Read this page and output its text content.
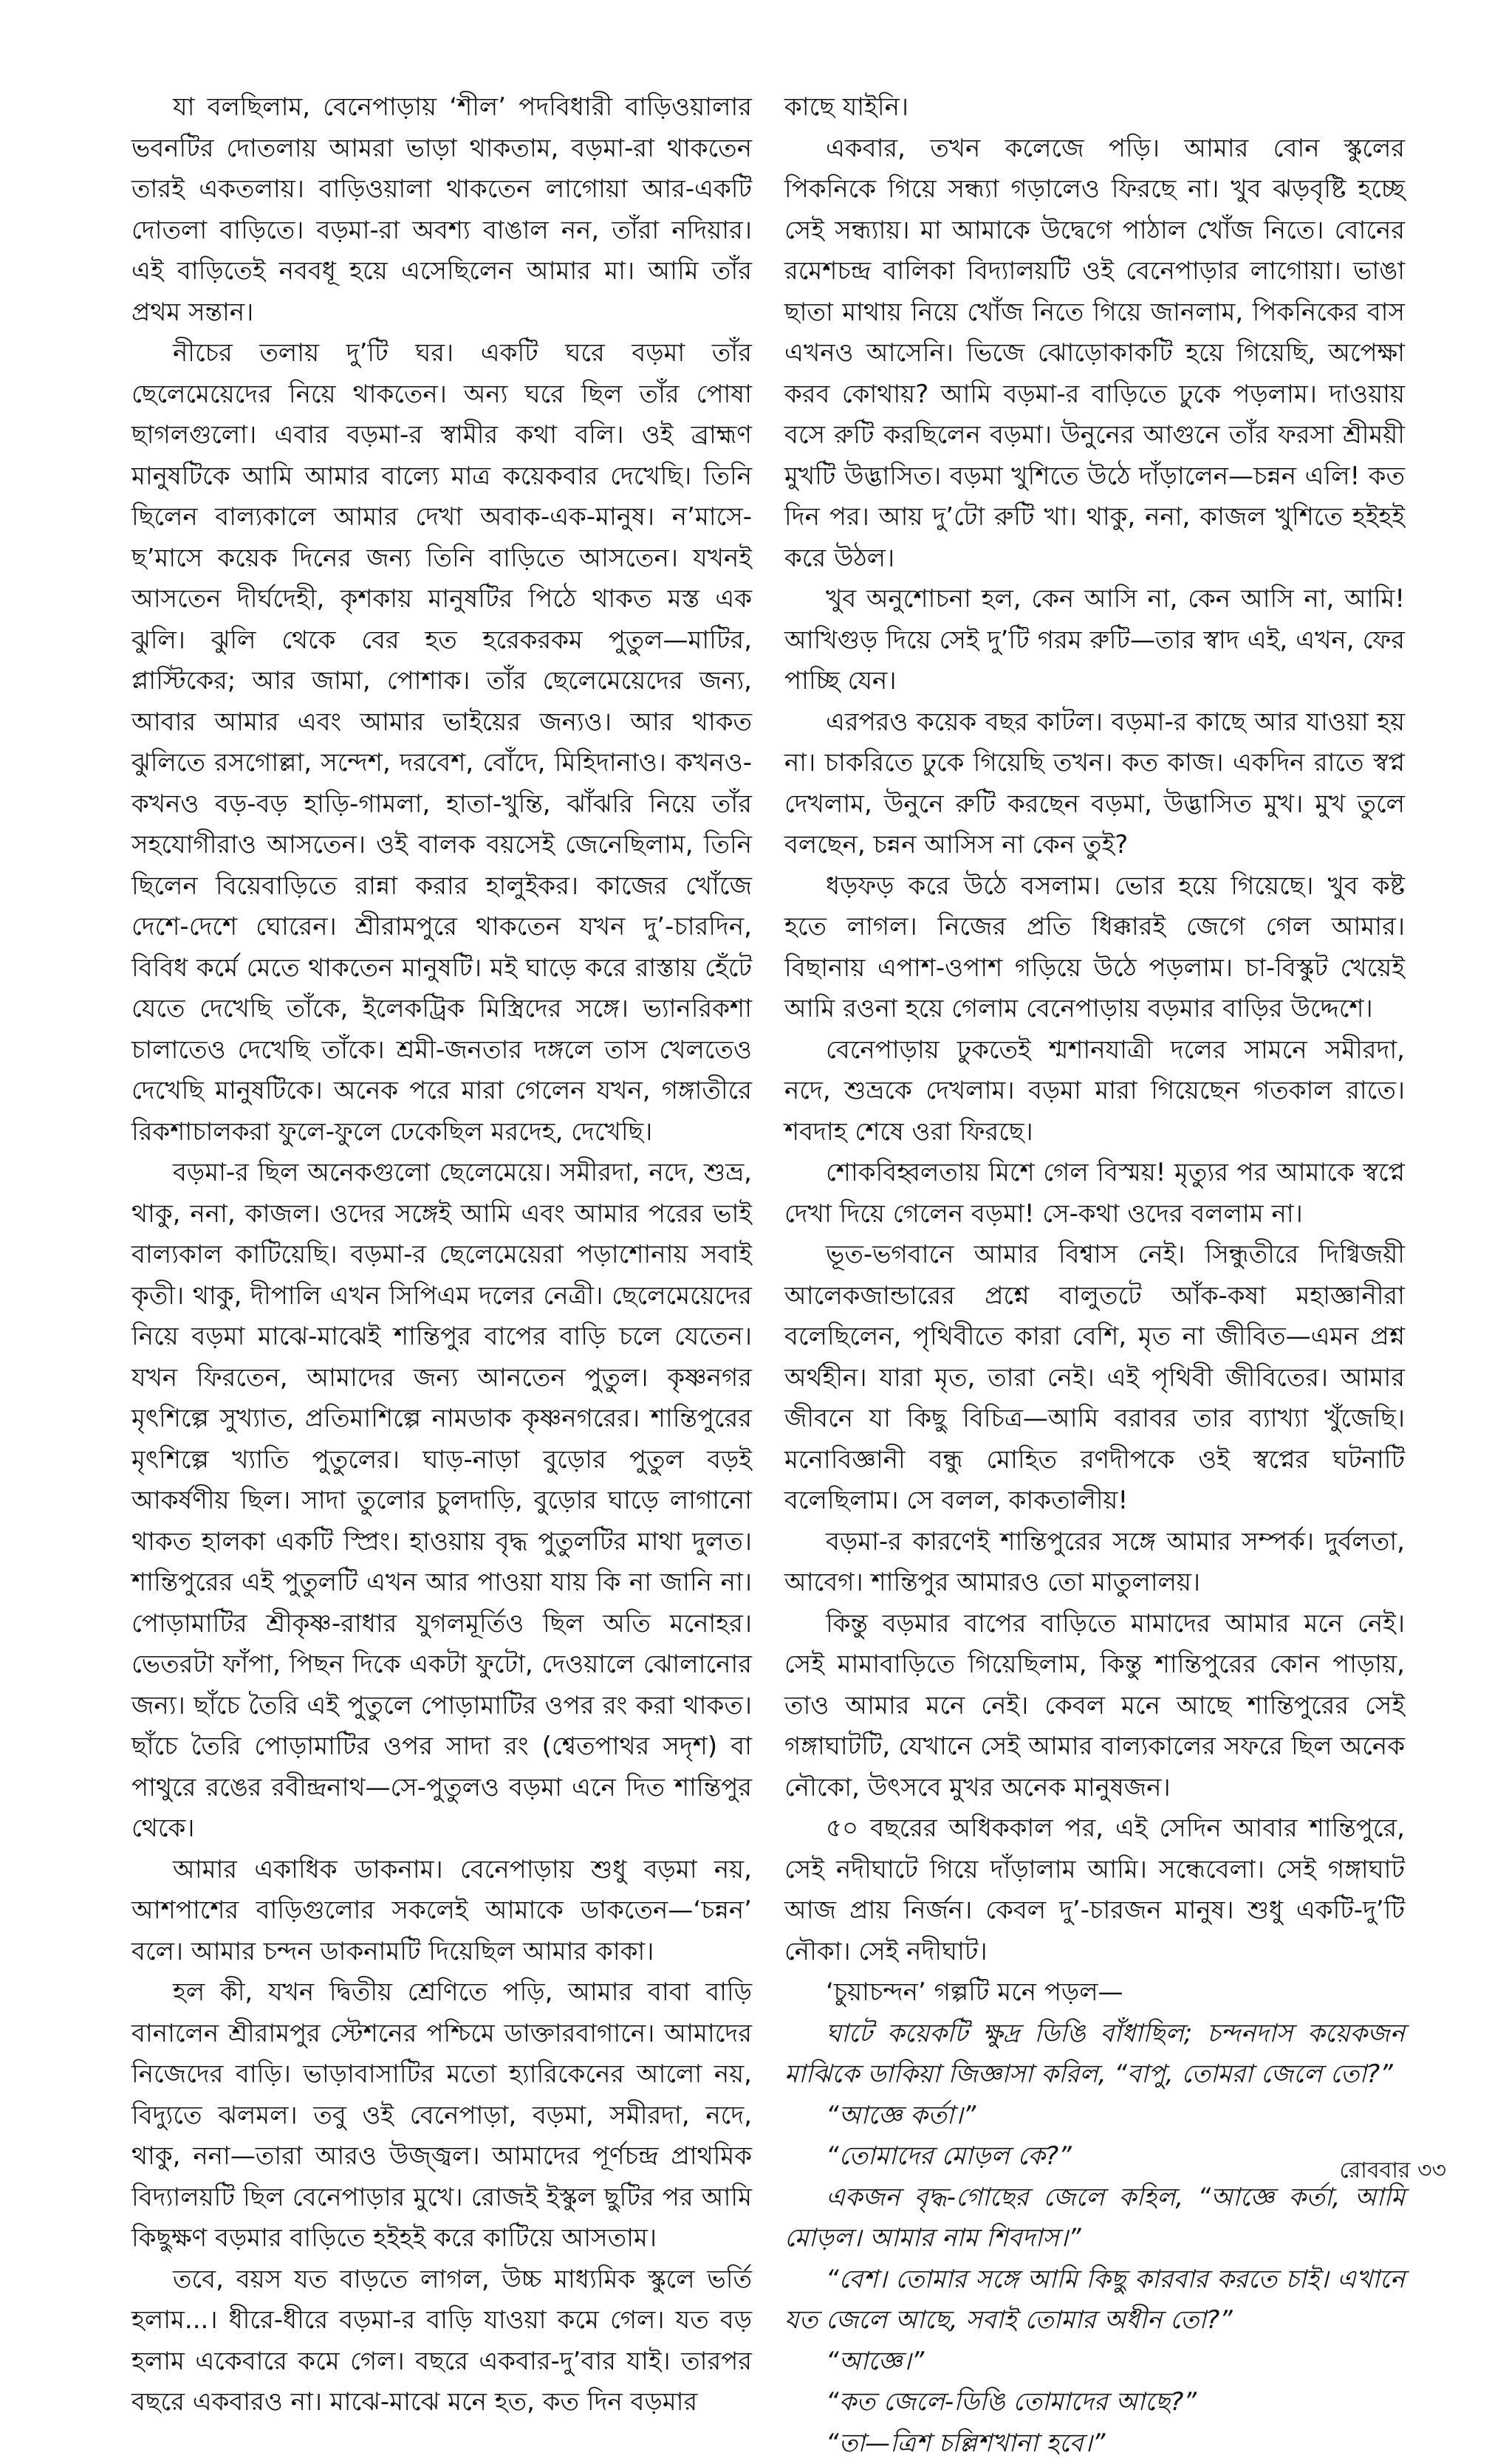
যা বলছিলাম, বেনেপাড়ায় ‘শীল’ পদবিধারী বাড়িওয়ালার ভবনটির দোতলায় আমরা ভাড়া থাকতাম, বড়মা-রা থাকতেন তারই একতলায়। বাড়িওয়ালা থাকতেন লাগোয়া আর-একটি দোতলা বাড়িতে। বড়মা-রা অবশ্য বাঙাল নন, তাঁরা নদিয়ার। এই বাড়িতেই নববধূ হয়ে এসেছিলেন আমার মা। আমি তাঁর প্রথম সন্তান।

নীচের তলায় দু’টি ঘর। একটি ঘরে বড়মা তাঁর ছেলেমেয়েদের নিয়ে থাকতেন। অন্য ঘরে ছিল তাঁর পোষা ছাগলগুলো। এবার বড়মা-র স্বামীর কথা বলি। ওই ব্রাহ্মণ মানুষটিকে আমি আমার বাল্যে মাত্র কয়েকবার দেখেছি। তিনি ছিলেন বাল্যকালে আমার দেখা অবাক-এক-মানুষ। ন’মাসে-ছ’মাসে কয়েক দিনের জন্য তিনি বাড়িতে আসতেন। যখনই আসতেন দীর্ঘদেহী, কৃশকায় মানুষটির পিঠে থাকত মস্ত এক ঝুলি। ঝুলি থেকে বের হত হরেকরকম পুতুল—মাটির, প্লাস্টিকের; আর জামা, পোশাক। তাঁর ছেলেমেয়েদের জন্য, আবার আমার এবং আমার ভাইয়ের জন্যও। আর থাকত ঝুলিতে রসগোল্লা, সন্দেশ, দরবেশ, বোঁদে, মিহিদানাও। কখনও-কখনও বড়-বড় হাড়ি-গামলা, হাতা-খুন্তি, ঝাঁঝরি নিয়ে তাঁর সহযোগীরাও আসতেন। ওই বালক বয়সেই জেনেছিলাম, তিনি ছিলেন বিয়েবাড়িতে রান্না করার হালুইকর। কাজের খোঁজে দেশে-দেশে ঘোরেন। শ্রীরামপুরে থাকতেন যখন দু’-চারদিন, বিবিধ কর্মে মেতে থাকতেন মানুষটি। মই ঘাড়ে করে রাস্তায় হেঁটে যেতে দেখেছি তাঁকে, ইলেকট্রিক মিস্ত্রিদের সঙ্গে। ভ্যানরিকশা চালাতেও দেখেছি তাঁকে। শ্রমী-জনতার দঙ্গলে তাস খেলতেও দেখেছি মানুষটিকে। অনেক পরে মারা গেলেন যখন, গঙ্গাতীরে রিকশাচালকরা ফুলে-ফুলে ঢেকেছিল মরদেহ, দেখেছি।

বড়মা-র ছিল অনেকগুলো ছেলেমেয়ে। সমীরদা, নদে, শুভ্র, থাকু, ননা, কাজল। ওদের সঙ্গেই আমি এবং আমার পরের ভাই বাল্যকাল কাটিয়েছি। বড়মা-র ছেলেমেয়েরা পড়াশোনায় সবাই কৃতী। থাকু, দীপালি এখন সিপিএম দলের নেত্রী। ছেলেমেয়েদের নিয়ে বড়মা মাঝে-মাঝেই শান্তিপুর বাপের বাড়ি চলে যেতেন। যখন ফিরতেন, আমাদের জন্য আনতেন পুতুল। কৃষ্ণনগর মৃৎশিল্পে সুখ্যাত, প্রতিমাশিল্পে নামডাক কৃষ্ণনগরের। শান্তিপুরের মৃৎশিল্পে খ্যাতি পুতুলের। ঘাড়-নাড়া বুড়োর পুতুল বড়ই আকর্ষণীয় ছিল। সাদা তুলোর চুলদাড়ি, বুড়োর ঘাড়ে লাগানো থাকত হালকা একটি স্প্রিং। হাওয়ায় বৃদ্ধ পুতুলটির মাথা দুলত। শান্তিপুরের এই পুতুলটি এখন আর পাওয়া যায় কি না জানি না। পোড়ামাটির শ্রীকৃষ্ণ-রাধার যুগলমূর্তিও ছিল অতি মনোহর। ভেতরটা ফাঁপা, পিছন দিকে একটা ফুটো, দেওয়ালে ঝোলানোর জন্য। ছাঁচে তৈরি এই পুতুলে পোড়ামাটির ওপর রং করা থাকত। ছাঁচে তৈরি পোড়ামাটির ওপর সাদা রং (শ্বেতপাথর সদৃশ) বা পাথুরে রঙের রবীন্দ্রনাথ—সে-পুতুলও বড়মা এনে দিত শান্তিপুর থেকে।

আমার একাধিক ডাকনাম। বেনেপাড়ায় শুধু বড়মা নয়, আশপাশের বাড়িগুলোর সকলেই আমাকে ডাকতেন—‘চন্নন’ বলে। আমার চন্দন ডাকনামটি দিয়েছিল আমার কাকা।

হল কী, যখন দ্বিতীয় শ্রেণিতে পড়ি, আমার বাবা বাড়ি বানালেন শ্রীরামপুর স্টেশনের পশ্চিমে ডাক্তারবাগানে। আমাদের নিজেদের বাড়ি। ভাড়াবাসাটির মতো হ্যারিকেনের আলো নয়, বিদ্যুতে ঝলমল। তবু ওই বেনেপাড়া, বড়মা, সমীরদা, নদে, থাকু, ননা—তারা আরও উজ্জ্বল। আমাদের পূর্ণচন্দ্র প্রাথমিক বিদ্যালয়টি ছিল বেনেপাড়ার মুখে। রোজই ইস্কুল ছুটির পর আমি কিছুক্ষণ বড়মার বাড়িতে হইহই করে কাটিয়ে আসতাম।

তবে, বয়স যত বাড়তে লাগল, উচ্চ মাধ্যমিক স্কুলে ভর্তি হলাম...। ধীরে-ধীরে বড়মা-র বাড়ি যাওয়া কমে গেল। যত বড় হলাম একেবারে কমে গেল। বছরে একবার-দু’বার যাই। তারপর বছরে একবারও না। মাঝে-মাঝে মনে হত, কত দিন বড়মার

কাছে যাইনি।

একবার, তখন কলেজে পড়ি। আমার বোন স্কুলের পিকনিকে গিয়ে সন্ধ্যা গড়ালেও ফিরছে না। খুব ঝড়বৃষ্টি হচ্ছে সেই সন্ধ্যায়। মা আমাকে উদ্বেগে পাঠাল খোঁজ নিতে। বোনের রমেশচন্দ্র বালিকা বিদ্যালয়টি ওই বেনেপাড়ার লাগোয়া। ভাঙা ছাতা মাথায় নিয়ে খোঁজ নিতে গিয়ে জানলাম, পিকনিকের বাস এখনও আসেনি। ভিজে ঝোড়োকাকটি হয়ে গিয়েছি, অপেক্ষা করব কোথায়? আমি বড়মা-র বাড়িতে ঢুকে পড়লাম। দাওয়ায় বসে রুটি করছিলেন বড়মা। উনুনের আগুনে তাঁর ফরসা শ্রীময়ী মুখটি উদ্ভাসিত। বড়মা খুশিতে উঠে দাঁড়ালেন—চন্নন এলি! কত দিন পর। আয় দু’টো রুটি খা। থাকু, ননা, কাজল খুশিতে হইহই করে উঠল।

খুব অনুশোচনা হল, কেন আসি না, কেন আসি না, আমি! আখিগুড় দিয়ে সেই দু’টি গরম রুটি—তার স্বাদ এই, এখন, ফের পাচ্ছি যেন।

এরপরও কয়েক বছর কাটল। বড়মা-র কাছে আর যাওয়া হয় না। চাকরিতে ঢুকে গিয়েছি তখন। কত কাজ। একদিন রাতে স্বপ্ন দেখলাম, উনুনে রুটি করছেন বড়মা, উদ্ভাসিত মুখ। মুখ তুলে বলছেন, চন্নন আসিস না কেন তুই?

ধড়ফড় করে উঠে বসলাম। ভোর হয়ে গিয়েছে। খুব কষ্ট হতে লাগল। নিজের প্রতি ধিক্কারই জেগে গেল আমার। বিছানায় এপাশ-ওপাশ গড়িয়ে উঠে পড়লাম। চা-বিস্কুট খেয়েই আমি রওনা হয়ে গেলাম বেনেপাড়ায় বড়মার বাড়ির উদ্দেশে।

বেনেপাড়ায় ঢুকতেই শ্মশানযাত্রী দলের সামনে সমীরদা, নদে, শুভ্রকে দেখলাম। বড়মা মারা গিয়েছেন গতকাল রাতে। শবদাহ শেষে ওরা ফিরছে।

শোকবিহ্বলতায় মিশে গেল বিস্ময়! মৃত্যুর পর আমাকে স্বপ্নে দেখা দিয়ে গেলেন বড়মা! সে-কথা ওদের বললাম না।

ভূত-ভগবানে আমার বিশ্বাস নেই। সিন্ধুতীরে দিগ্বিজয়ী আলেকজান্ডারের প্রশ্নে বালুতটে আঁক-কষা মহাজ্ঞানীরা বলেছিলেন, পৃথিবীতে কারা বেশি, মৃত না জীবিত—এমন প্রশ্ন অর্থহীন। যারা মৃত, তারা নেই। এই পৃথিবী জীবিতের। আমার জীবনে যা কিছু বিচিত্র—আমি বরাবর তার ব্যাখ্যা খুঁজেছি। মনোবিজ্ঞানী বন্ধু মোহিত রণদীপকে ওই স্বপ্নের ঘটনাটি বলেছিলাম। সে বলল, কাকতালীয়!

বড়মা-র কারণেই শান্তিপুরের সঙ্গে আমার সম্পর্ক। দুর্বলতা, আবেগ। শান্তিপুর আমারও তো মাতুলালয়।

কিন্তু বড়মার বাপের বাড়িতে মামাদের আমার মনে নেই। সেই মামাবাড়িতে গিয়েছিলাম, কিন্তু শান্তিপুরের কোন পাড়ায়, তাও আমার মনে নেই। কেবল মনে আছে শান্তিপুরের সেই গঙ্গাঘাটটি, যেখানে সেই আমার বাল্যকালের সফরে ছিল অনেক নৌকো, উৎসবে মুখর অনেক মানুষজন।

৫০ বছরের অধিককাল পর, এই সেদিন আবার শান্তিপুরে, সেই নদীঘাটে গিয়ে দাঁড়ালাম আমি। সন্ধেবেলা। সেই গঙ্গাঘাট আজ প্রায় নির্জন। কেবল দু’-চারজন মানুষ। শুধু একটি-দু’টি নৌকা। সেই নদীঘাট।

‘চুয়াচন্দন’ গল্পটি মনে পড়ল—

ঘাটে কয়েকটি ক্ষুদ্র ডিঙি বাঁধাছিল; চন্দনদাস কয়েকজন মাঝিকে ডাকিয়া জিজ্ঞাসা করিল, “বাপু, তোমরা জেলে তো?”

“আজ্ঞে কর্তা।”

“তোমাদের মোড়ল কে?”

একজন বৃদ্ধ-গোছের জেলে কহিল, “আজ্ঞে কর্তা, আমি মোড়ল। আমার নাম শিবদাস।”

“বেশ। তোমার সঙ্গে আমি কিছু কারবার করতে চাই। এখানে যত জেলে আছে, সবাই তোমার অধীন তো?”

“আজ্ঞে।”

“কত জেলে-ডিঙি তোমাদের আছে?”

“তা—ত্রিশ চল্লিশখানা হবে।”

রোববার ৩৩
